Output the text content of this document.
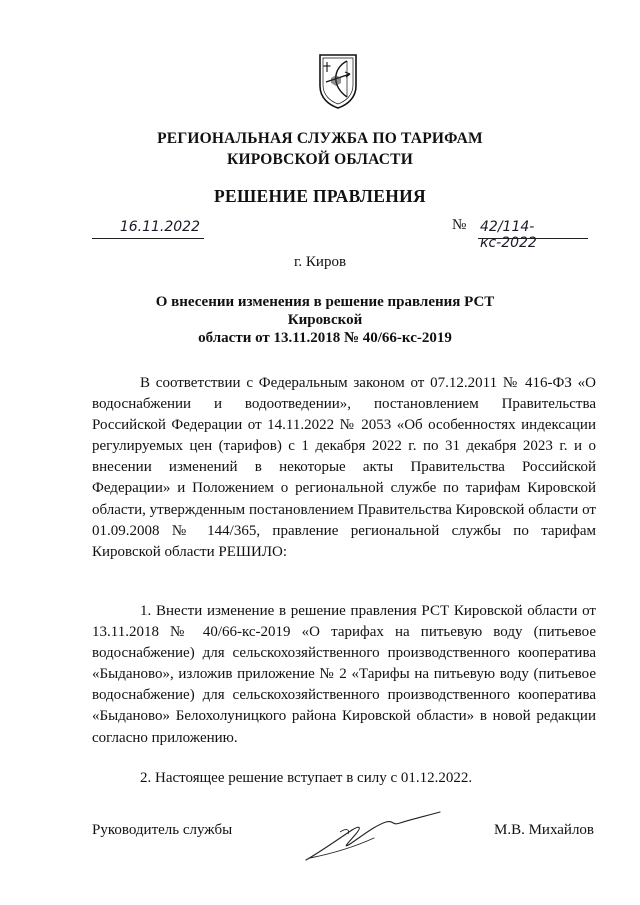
РЕГИОНАЛЬНАЯ СЛУЖБА ПО ТАРИФАМ
КИРОВСКОЙ ОБЛАСТИ
РЕШЕНИЕ ПРАВЛЕНИЯ
16.11.2022	№ 42/114-кс-2022
г. Киров
О внесении изменения в решение правления РСТ Кировской
области от 13.11.2018 № 40/66-кс-2019

В соответствии с Федеральным законом от 07.12.2011 № 416-ФЗ «О водоснабжении и водоотведении», постановлением Правительства Российской Федерации от 14.11.2022 № 2053 «Об особенностях индексации регулируемых цен (тарифов) с 1 декабря 2022 г. по 31 декабря 2023 г. и о внесении изменений в некоторые акты Правительства Российской Федерации» и Положением о региональной службе по тарифам Кировской области, утвержденным постановлением Правительства Кировской области от 01.09.2008 № 144/365, правление региональной службы по тарифам Кировской области РЕШИЛО:

1. Внести изменение в решение правления РСТ Кировской области от 13.11.2018 № 40/66-кс-2019 «О тарифах на питьевую воду (питьевое водоснабжение) для сельскохозяйственного производственного кооператива «Быданово», изложив приложение № 2 «Тарифы на питьевую воду (питьевое водоснабжение) для сельскохозяйственного производственного кооператива «Быданово» Белохолуницкого района Кировской области» в новой редакции согласно приложению.

2. Настоящее решение вступает в силу с 01.12.2022.

Руководитель службы	М.В. Михайлов
